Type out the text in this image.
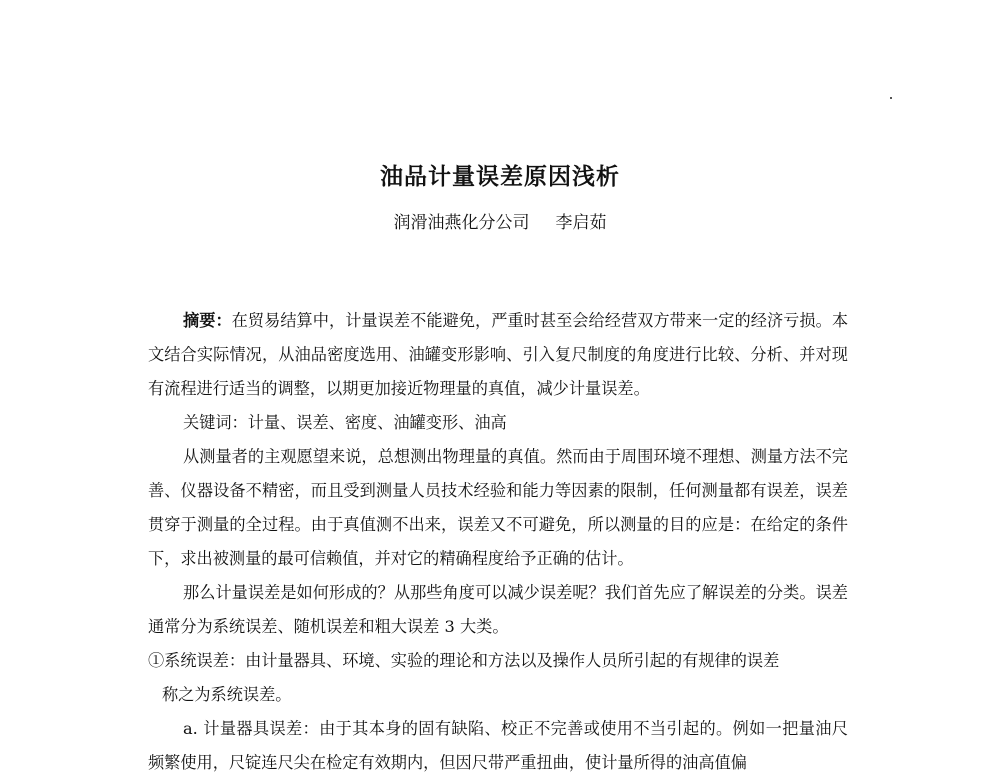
油品计量误差原因浅析
润滑油燕化分公司 李启茹

摘要：在贸易结算中，计量误差不能避免，严重时甚至会给经营双方带来一定的经济亏损。本文结合实际情况，从油品密度选用、油罐变形影响、引入复尺制度的角度进行比较、分析、并对现有流程进行适当的调整，以期更加接近物理量的真值，减少计量误差。

关键词：计量、误差、密度、油罐变形、油高

从测量者的主观愿望来说，总想测出物理量的真值。然而由于周围环境不理想、测量方法不完善、仪器设备不精密，而且受到测量人员技术经验和能力等因素的限制，任何测量都有误差，误差贯穿于测量的全过程。由于真值测不出来，误差又不可避免，所以测量的目的应是：在给定的条件下，求出被测量的最可信赖值，并对它的精确程度给予正确的估计。

那么计量误差是如何形成的？从那些角度可以减少误差呢？我们首先应了解误差的分类。误差通常分为系统误差、随机误差和粗大误差 3 大类。

①系统误差：由计量器具、环境、实验的理论和方法以及操作人员所引起的有规律的误差

称之为系统误差。

a. 计量器具误差：由于其本身的固有缺陷、校正不完善或使用不当引起的。例如一把量油尺频繁使用，尺锭连尺尖在检定有效期内，但因尺带严重扭曲，使计量所得的油高值偏
